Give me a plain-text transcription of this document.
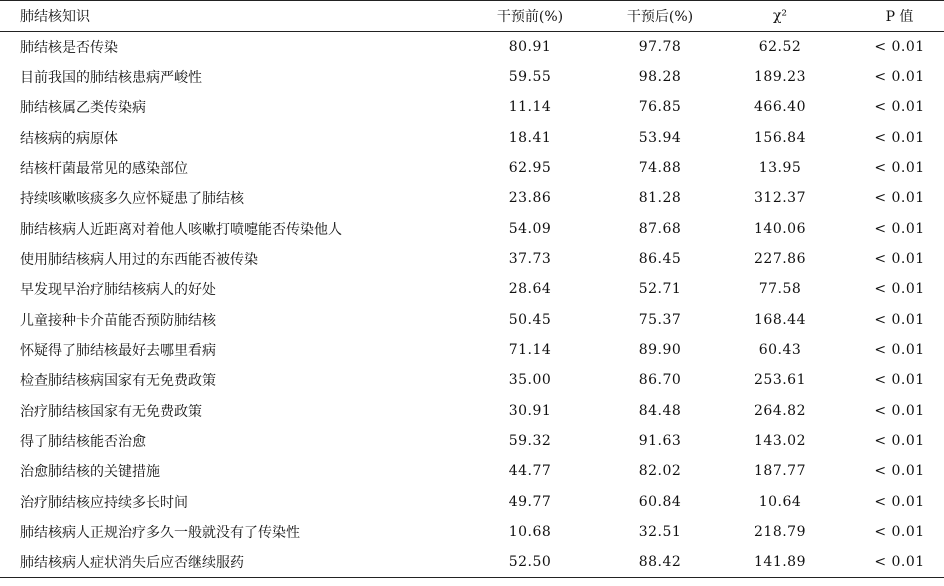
肺结核知识	干预前(%)	干预后(%)	χ²	P 值
肺结核是否传染	80.91	97.78	62.52	< 0.01
目前我国的肺结核患病严峻性	59.55	98.28	189.23	< 0.01
肺结核属乙类传染病	11.14	76.85	466.40	< 0.01
结核病的病原体	18.41	53.94	156.84	< 0.01
结核杆菌最常见的感染部位	62.95	74.88	13.95	< 0.01
持续咳嗽咳痰多久应怀疑患了肺结核	23.86	81.28	312.37	< 0.01
肺结核病人近距离对着他人咳嗽打喷嚏能否传染他人	54.09	87.68	140.06	< 0.01
使用肺结核病人用过的东西能否被传染	37.73	86.45	227.86	< 0.01
早发现早治疗肺结核病人的好处	28.64	52.71	77.58	< 0.01
儿童接种卡介苗能否预防肺结核	50.45	75.37	168.44	< 0.01
怀疑得了肺结核最好去哪里看病	71.14	89.90	60.43	< 0.01
检查肺结核病国家有无免费政策	35.00	86.70	253.61	< 0.01
治疗肺结核国家有无免费政策	30.91	84.48	264.82	< 0.01
得了肺结核能否治愈	59.32	91.63	143.02	< 0.01
治愈肺结核的关键措施	44.77	82.02	187.77	< 0.01
治疗肺结核应持续多长时间	49.77	60.84	10.64	< 0.01
肺结核病人正规治疗多久一般就没有了传染性	10.68	32.51	218.79	< 0.01
肺结核病人症状消失后应否继续服药	52.50	88.42	141.89	< 0.01
